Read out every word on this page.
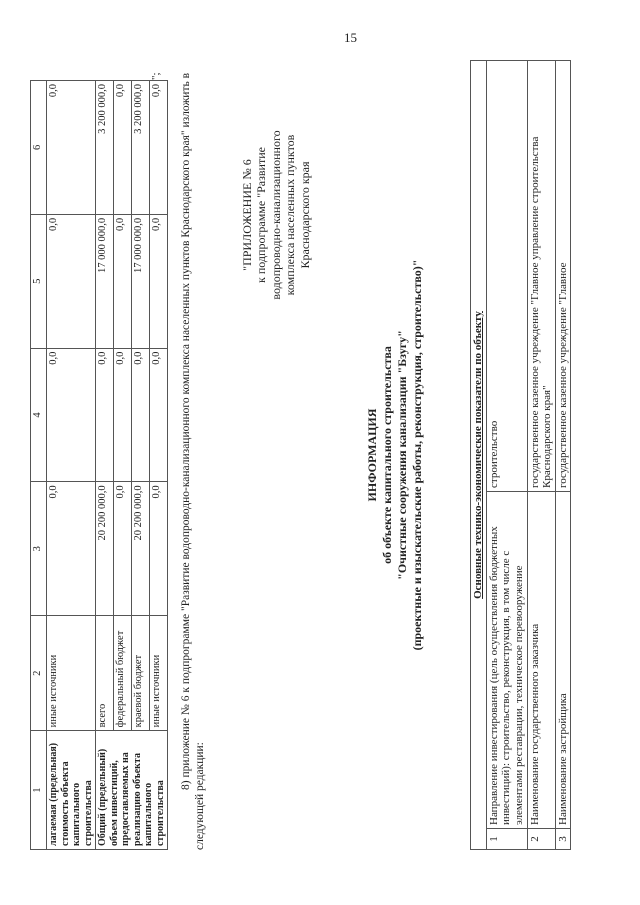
15
1	2	3	4	5	6
лагаемая (предельная) стоимость объекта капитального строительства	иные источники	0,0	0,0	0,0	0,0
Общий (предельный) объем инвестиций, предоставляемых на реализацию объекта капитального строительства	всего	20 200 000,0	0,0	17 000 000,0	3 200 000,0
	федеральный бюджет	0,0	0,0	0,0	0,0
	краевой бюджет	20 200 000,0	0,0	17 000 000,0	3 200 000,0
	иные источники	0,0	0,0	0,0	0,0
"; 8) приложение № 6 к подпрограмме "Развитие водопроводно-канализационного комплекса населенных пунктов Краснодарского края" изложить в следующей редакции:
"ПРИЛОЖЕНИЕ № 6 к подпрограмме "Развитие водопроводно-канализационного комплекса населенных пунктов Краснодарского края
ИНФОРМАЦИЯ об объекте капитального строительства "Очистные сооружения канализации "Бзугу" (проектные и изыскательские работы, реконструкция, строительство)"	Основные технико-экономические показатели по объекту		
1	Направление инвестирования (цель осуществления бюджетных инвестиций): строительство, реконструкция, в том числе с элементами реставрации, техническое перевооружение	строительство
2	Наименование государственного заказчика	государственное казенное учреждение "Главное управление строительства Краснодарского края"
3	Наименование застройщика	государственное казенное учреждение "Главное
